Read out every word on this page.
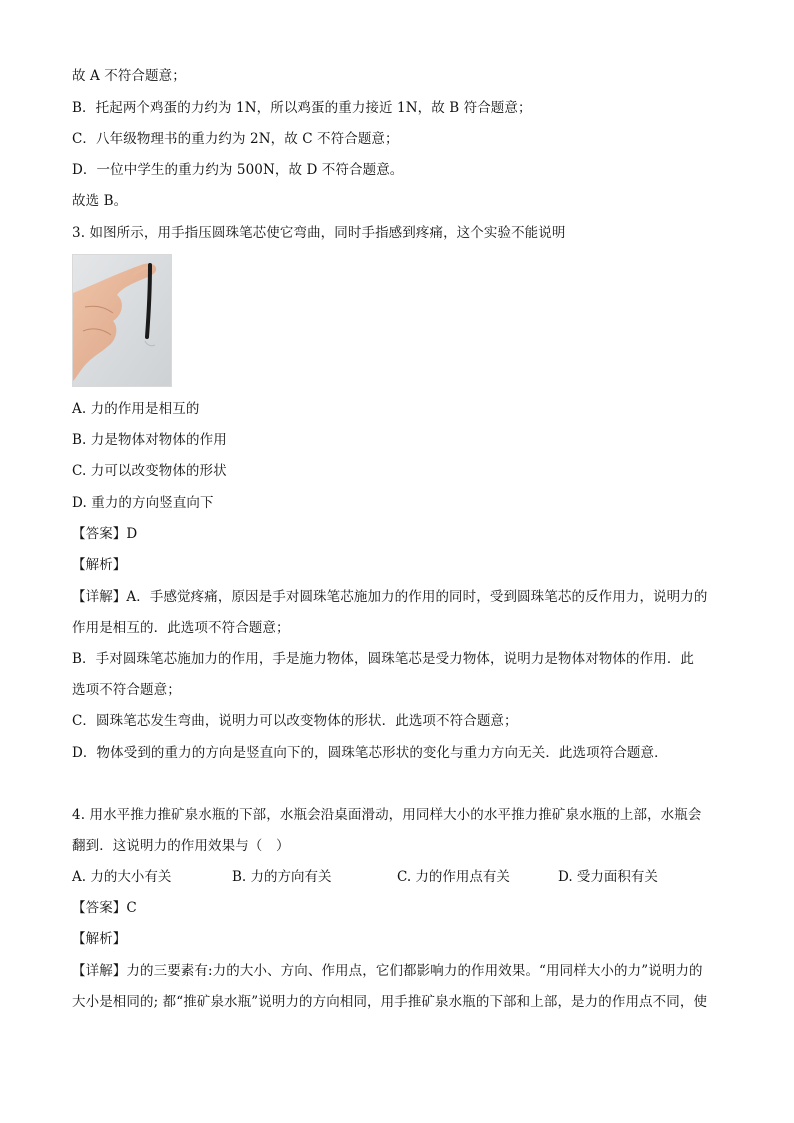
故 A 不符合题意；
B．托起两个鸡蛋的力约为 1N，所以鸡蛋的重力接近 1N，故 B 符合题意；
C．八年级物理书的重力约为 2N，故 C 不符合题意；
D．一位中学生的重力约为 500N，故 D 不符合题意。
故选 B。
3. 如图所示，用手指压圆珠笔芯使它弯曲，同时手指感到疼痛，这个实验不能说明
A. 力的作用是相互的
B. 力是物体对物体的作用
C. 力可以改变物体的形状
D. 重力的方向竖直向下
【答案】D
【解析】
【详解】A．手感觉疼痛，原因是手对圆珠笔芯施加力的作用的同时，受到圆珠笔芯的反作用力，说明力的
作用是相互的．此选项不符合题意；
B．手对圆珠笔芯施加力的作用，手是施力物体，圆珠笔芯是受力物体，说明力是物体对物体的作用．此
选项不符合题意；
C．圆珠笔芯发生弯曲，说明力可以改变物体的形状．此选项不符合题意；
D．物体受到的重力的方向是竖直向下的，圆珠笔芯形状的变化与重力方向无关．此选项符合题意．
4. 用水平推力推矿泉水瓶的下部，水瓶会沿桌面滑动，用同样大小的水平推力推矿泉水瓶的上部，水瓶会
翻到．这说明力的作用效果与（　）
A. 力的大小有关	B. 力的方向有关	C. 力的作用点有关	D. 受力面积有关
【答案】C
【解析】
【详解】力的三要素有:力的大小、方向、作用点，它们都影响力的作用效果。“用同样大小的力”说明力的
大小是相同的; 都“推矿泉水瓶”说明力的方向相同，用手推矿泉水瓶的下部和上部，是力的作用点不同，使
